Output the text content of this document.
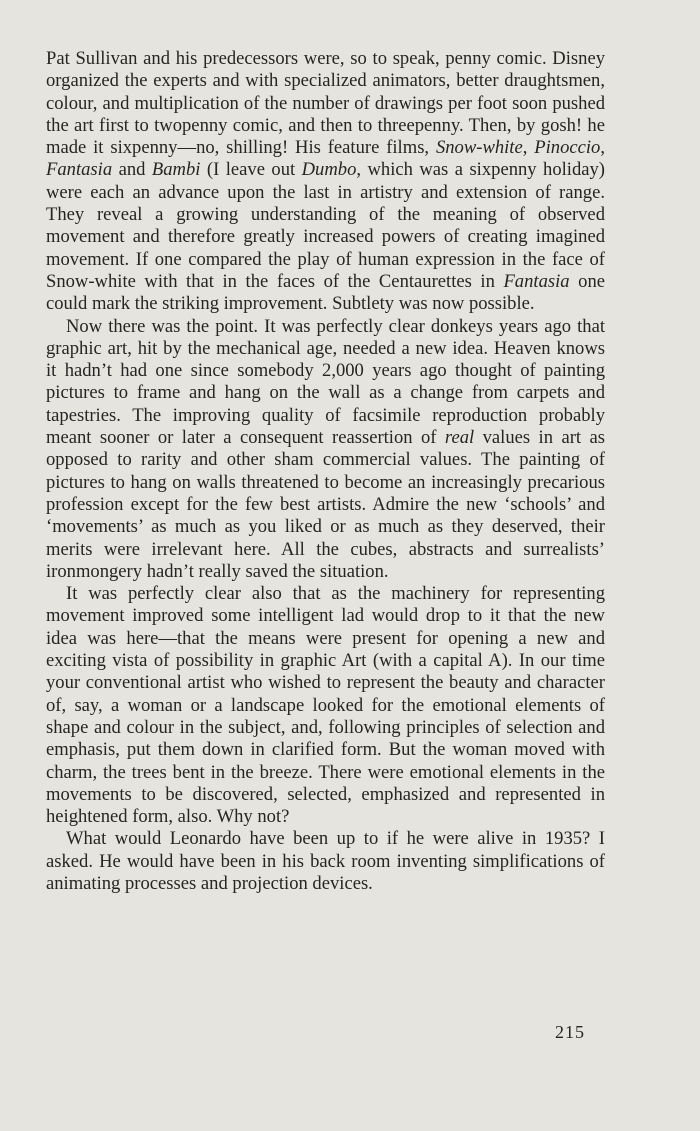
Pat Sullivan and his predecessors were, so to speak, penny comic. Disney organized the experts and with specialized animators, better draughtsmen, colour, and multiplication of the number of drawings per foot soon pushed the art first to twopenny comic, and then to threepenny. Then, by gosh! he made it sixpenny—no, shilling! His feature films, Snow-white, Pinoccio, Fantasia and Bambi (I leave out Dumbo, which was a sixpenny holiday) were each an advance upon the last in artistry and extension of range. They reveal a growing understanding of the meaning of observed movement and therefore greatly increased powers of creating imagined movement. If one compared the play of human expression in the face of Snow-white with that in the faces of the Centaurettes in Fantasia one could mark the striking improvement. Subtlety was now possible.

Now there was the point. It was perfectly clear donkeys years ago that graphic art, hit by the mechanical age, needed a new idea. Heaven knows it hadn’t had one since somebody 2,000 years ago thought of painting pictures to frame and hang on the wall as a change from carpets and tapestries. The improving quality of facsimile reproduction probably meant sooner or later a consequent reassertion of real values in art as opposed to rarity and other sham commercial values. The painting of pictures to hang on walls threatened to become an increasingly precarious profession except for the few best artists. Admire the new ‘schools’ and ‘movements’ as much as you liked or as much as they deserved, their merits were irrelevant here. All the cubes, abstracts and surrealists’ ironmongery hadn’t really saved the situation.

It was perfectly clear also that as the machinery for representing movement improved some intelligent lad would drop to it that the new idea was here—that the means were present for opening a new and exciting vista of possibility in graphic Art (with a capital A). In our time your conventional artist who wished to represent the beauty and character of, say, a woman or a landscape looked for the emotional elements of shape and colour in the subject, and, following principles of selection and emphasis, put them down in clarified form. But the woman moved with charm, the trees bent in the breeze. There were emotional elements in the movements to be discovered, selected, emphasized and represented in heightened form, also. Why not?

What would Leonardo have been up to if he were alive in 1935? I asked. He would have been in his back room inventing simplifications of animating processes and projection devices.

215
